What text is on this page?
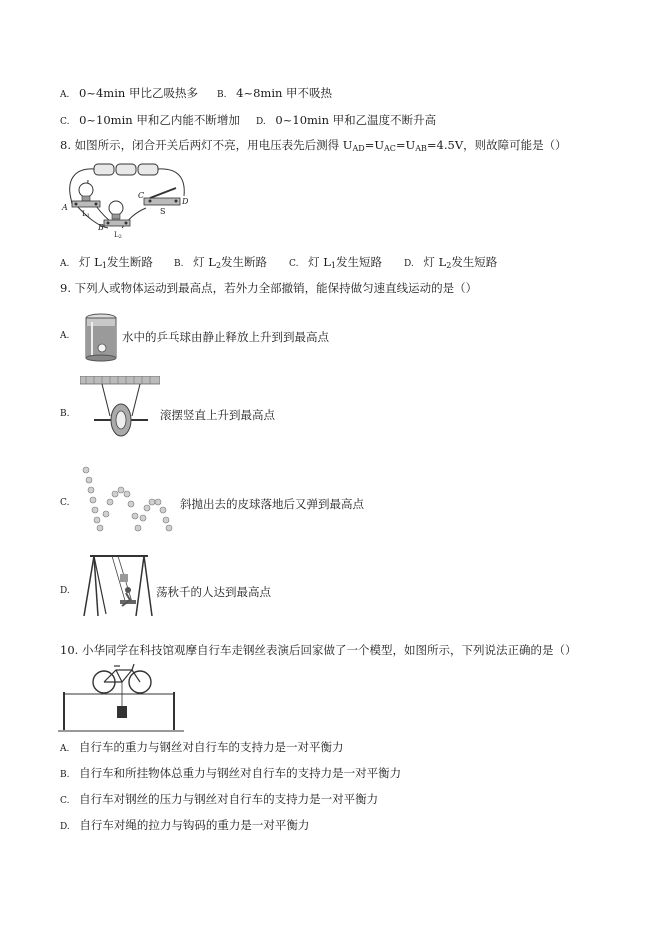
A. 0~4min 甲比乙吸热多 B. 4~8min 甲不吸热
C. 0~10min 甲和乙内能不断增加 D. 0~10min 甲和乙温度不断升高
8. 如图所示，闭合开关后两灯不亮，用电压表先后测得 $U_{AD}=U_{AC}=U_{AB}=4.5V$，则故障可能是（）
A
B
C
D
S
L1
L2
A. 灯 $L_1$发生断路 B. 灯 $L_2$发生断路 C. 灯 $L_1$发生短路 D. 灯 $L_2$发生短路
9. 下列人或物体运动到最高点，若外力全部撤销，能保持做匀速直线运动的是（）
A.	水中的乒乓球由静止释放上升到到最高点
B.	滚摆竖直上升到最高点
C.	斜抛出去的皮球落地后又弹到最高点
D.	荡秋千的人达到最高点
10. 小华同学在科技馆观摩自行车走钢丝表演后回家做了一个模型，如图所示，下列说法正确的是（）
A. 自行车的重力与钢丝对自行车的支持力是一对平衡力
B. 自行车和所挂物体总重力与钢丝对自行车的支持力是一对平衡力
C. 自行车对钢丝的压力与钢丝对自行车的支持力是一对平衡力
D. 自行车对绳的拉力与钩码的重力是一对平衡力
